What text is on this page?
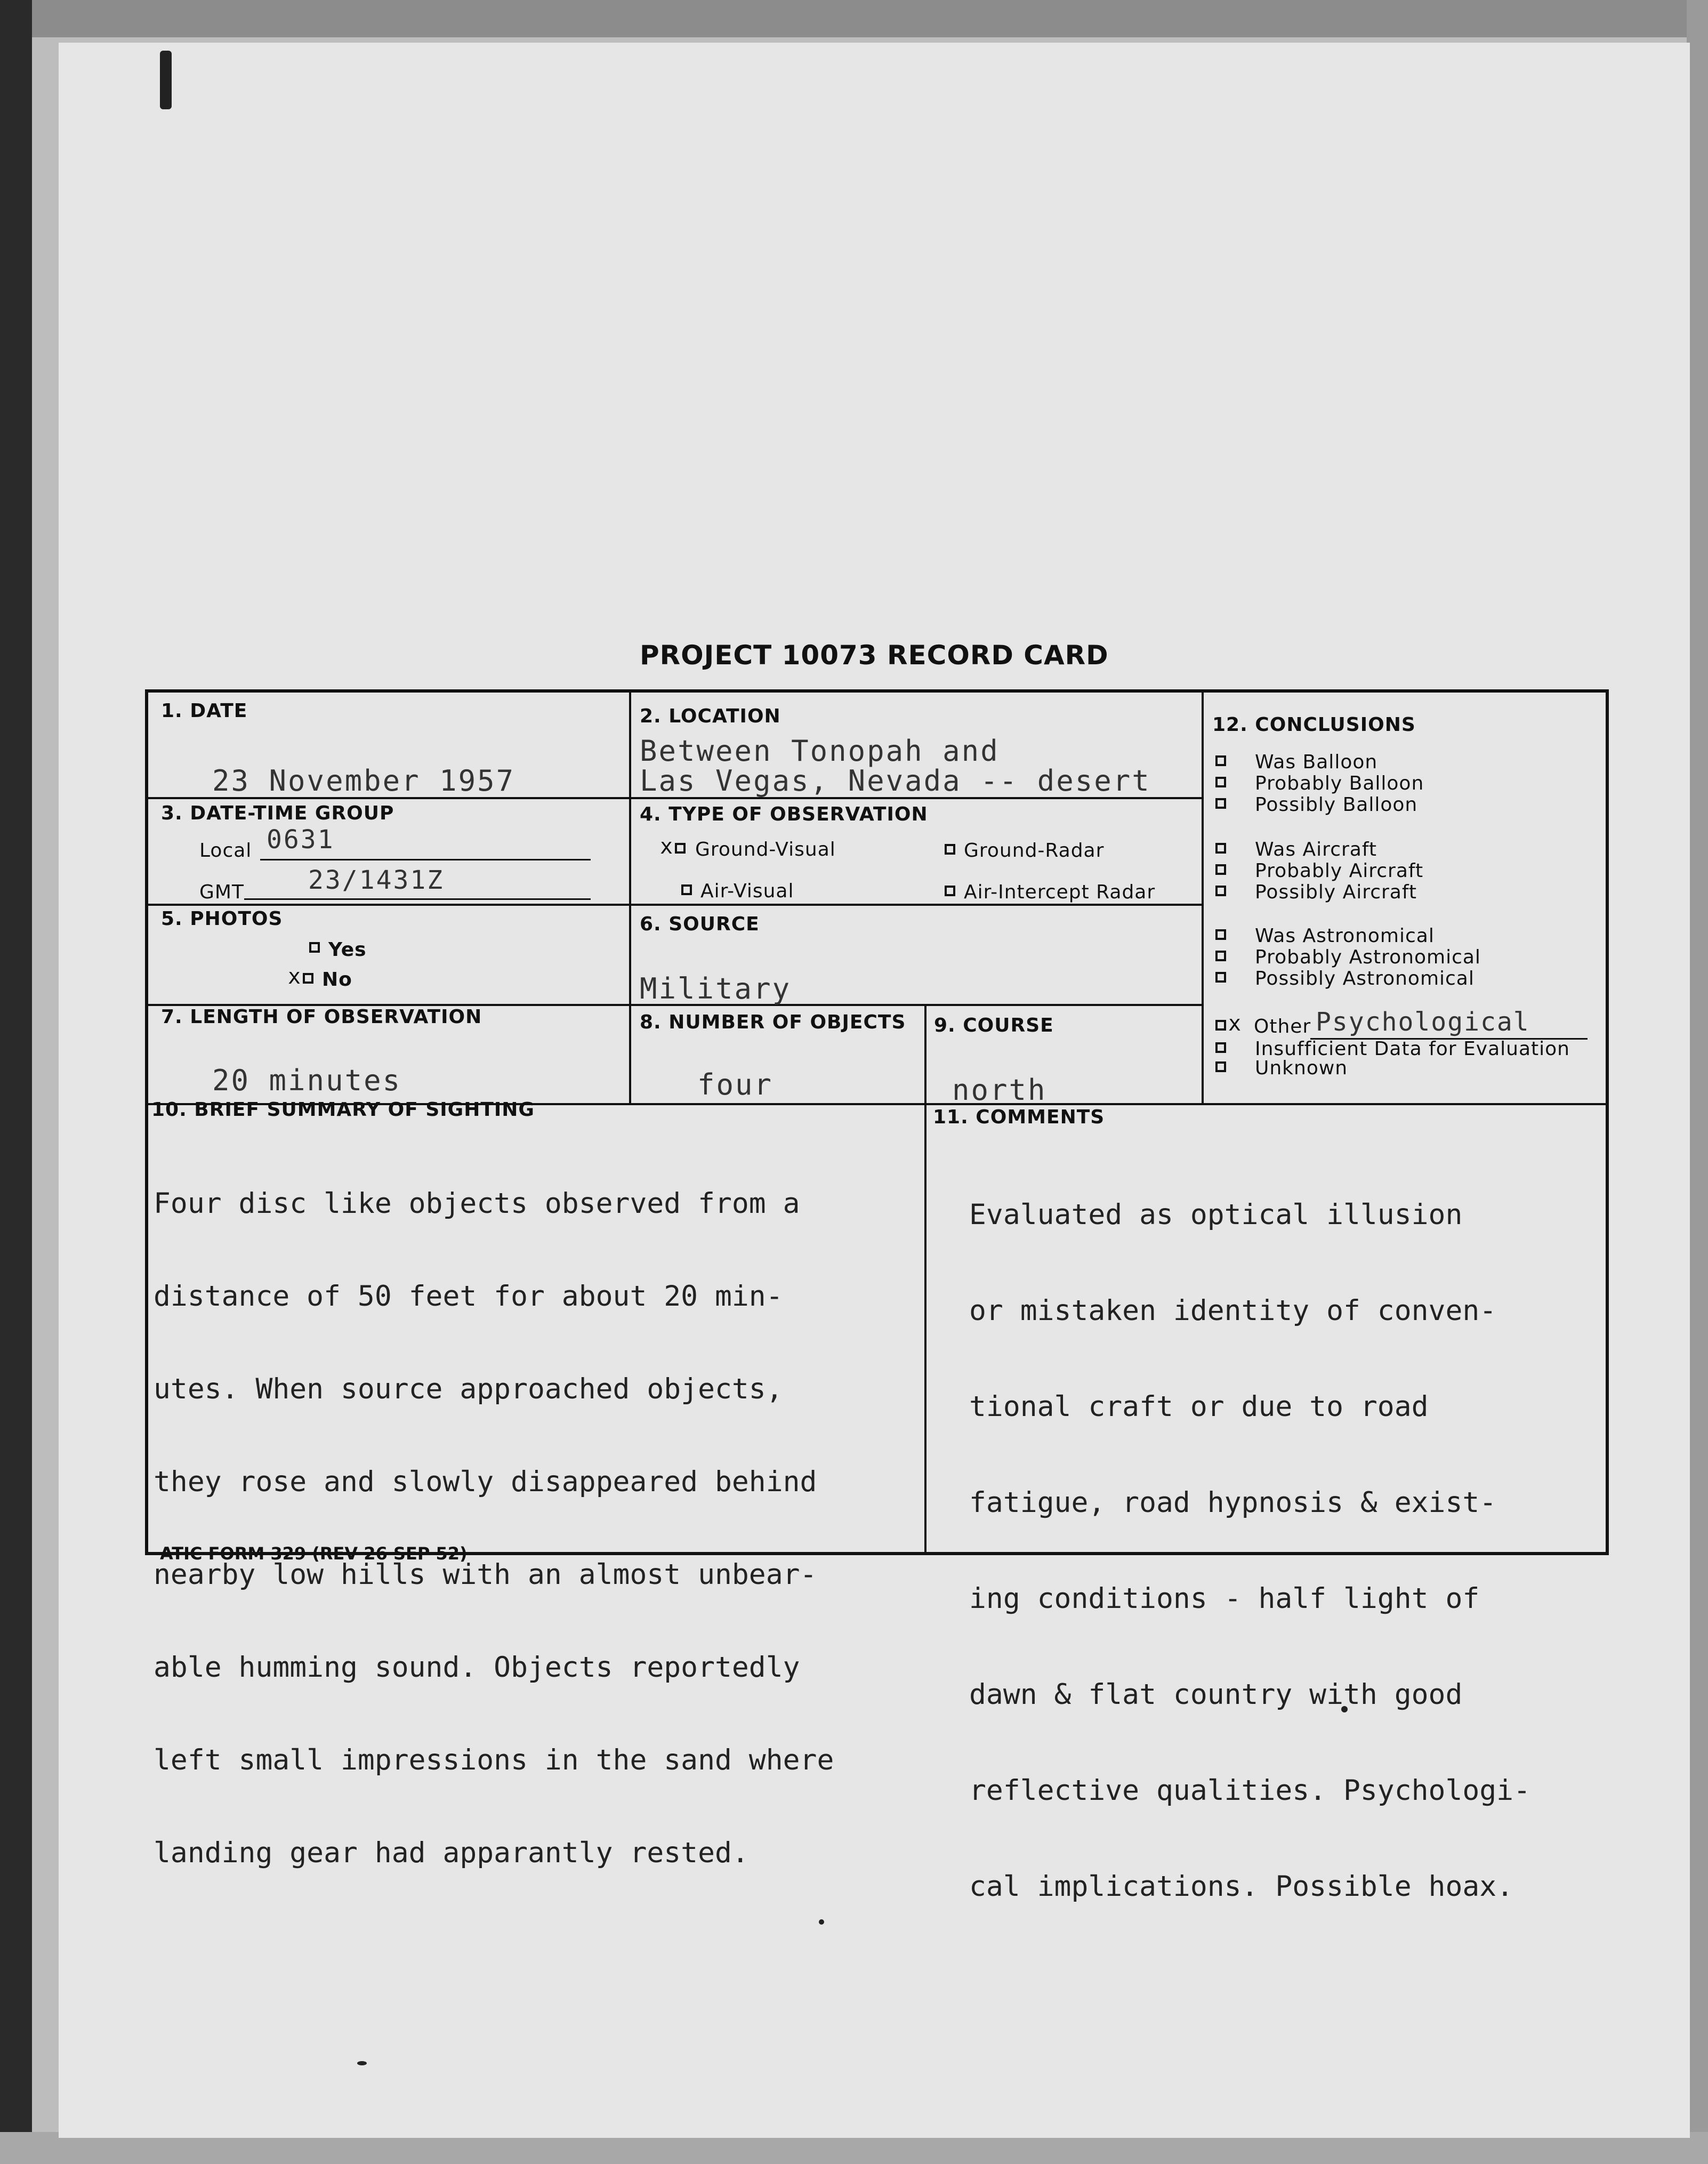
PROJECT 10073 RECORD CARD
1. DATE
23 November 1957
2. LOCATION
Between Tonopah and
Las Vegas, Nevada -- desert
3. DATE-TIME GROUP
Local 0631
GMT	23/1431Z
4. TYPE OF OBSERVATION
x Ground-Visual	Ground-Radar
Air-Visual	Air-Intercept Radar
5. PHOTOS
Yes
x No
6. SOURCE
Military
7. LENGTH OF OBSERVATION
20 minutes
8. NUMBER OF OBJECTS
four
9. COURSE
north
12. CONCLUSIONS
Was Balloon
Probably Balloon
Possibly Balloon
Was Aircraft
Probably Aircraft
Possibly Aircraft
Was Astronomical
Probably Astronomical
Possibly Astronomical
x Other Psychological
Insufficient Data for Evaluation
Unknown
10. BRIEF SUMMARY OF SIGHTING

Four disc like objects observed from a

distance of 50 feet for about 20 min-

utes. When source approached objects,

they rose and slowly disappeared behind

nearby low hills with an almost unbear-

able humming sound. Objects reportedly

left small impressions in the sand where

landing gear had apparantly rested.

11. COMMENTS

Evaluated as optical illusion

or mistaken identity of conven-

tional craft or due to road

fatigue, road hypnosis & exist-

ing conditions - half light of

dawn & flat country with good

reflective qualities. Psychologi-

cal implications. Possible hoax.

ATIC FORM 329 (REV 26 SEP 52)
